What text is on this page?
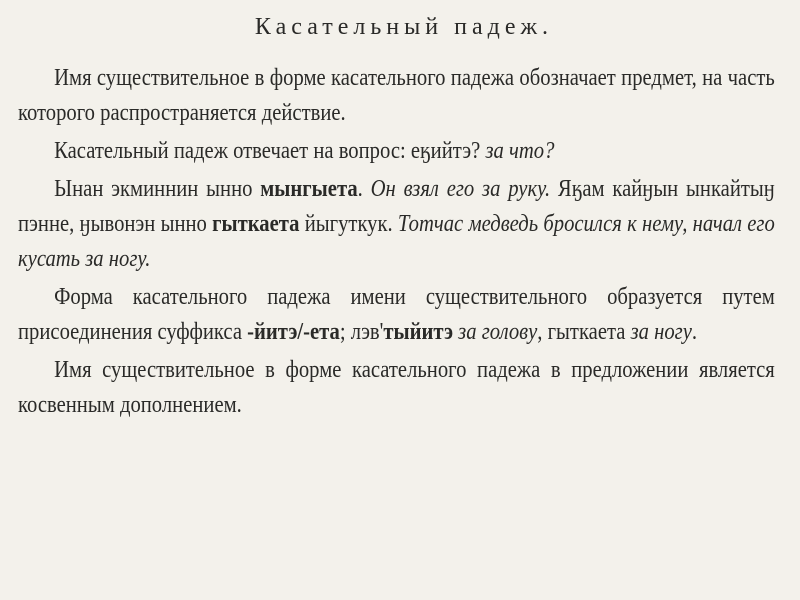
Касательный падеж.

Имя существительное в форме касательного падежа обозначает предмет, на часть которого распространяется действие.

Касательный падеж отвечает на вопрос: еӄийтэ? за что?

Ынан экминнин ынно мынгыета. Он взял его за руку. Яӄам кайӈын ынкайтыӈ пэнне, ӈывонэн ынно гыткаета йыгуткук. Тотчас медведь бросился к нему, начал его кусать за ногу.

Форма касательного падежа имени существительного образуется путем присоединения суффикса -йитэ/-ета; лэв'тыйитэ за голову, гыткаета за ногу.

Имя существительное в форме касательного падежа в предложении является косвенным дополнением.
